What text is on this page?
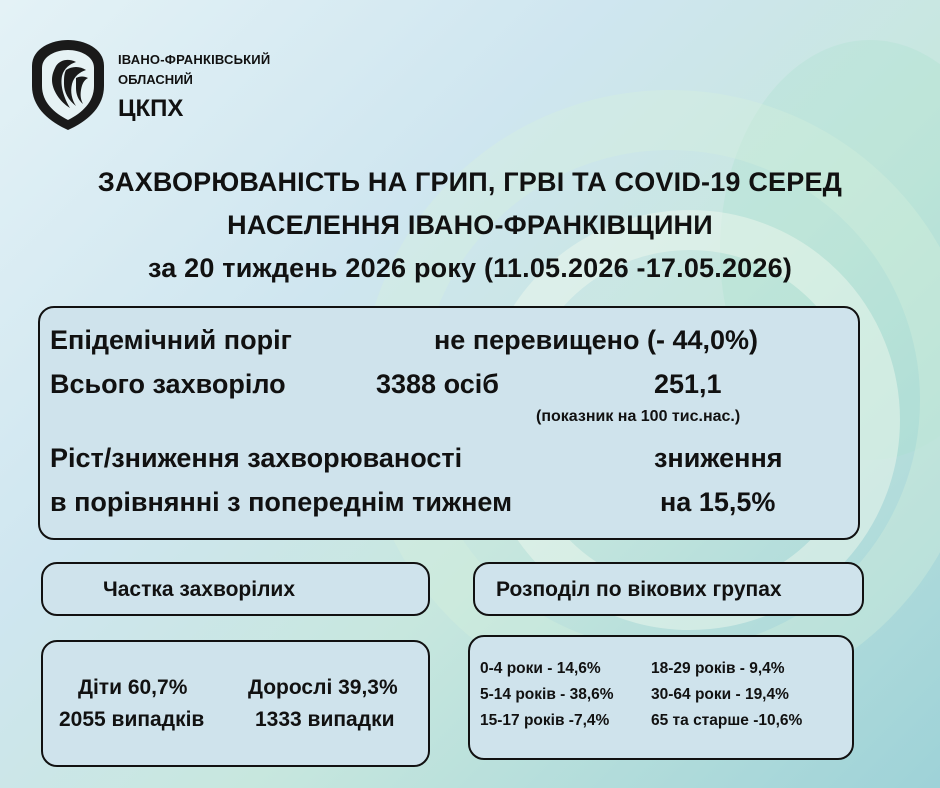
ІВАНО-ФРАНКІВСЬКИЙ
ОБЛАСНИЙ
ЦКПХ
ЗАХВОРЮВАНІСТЬ НА ГРИП, ГРВІ ТА COVID-19 СЕРЕД
НАСЕЛЕННЯ ІВАНО-ФРАНКІВЩИНИ
за 20 тиждень 2026 року (11.05.2026 -17.05.2026)
Епідемічний поріг	не перевищено (- 44,0%)
Всього захворіло	3388 осіб	251,1
(показник на 100 тис.нас.)
Ріст/зниження захворюваності	зниження
в порівнянні з попереднім тижнем	на 15,5%
Частка захворілих	Розподіл по вікових групах
Діти 60,7%	Дорослі 39,3%
2055 випадків 1333 випадки
0-4 роки - 14,6%	18-29 років - 9,4%
5-14 років - 38,6% 30-64 роки - 19,4%
15-17 років -7,4%	65 та старше -10,6%
